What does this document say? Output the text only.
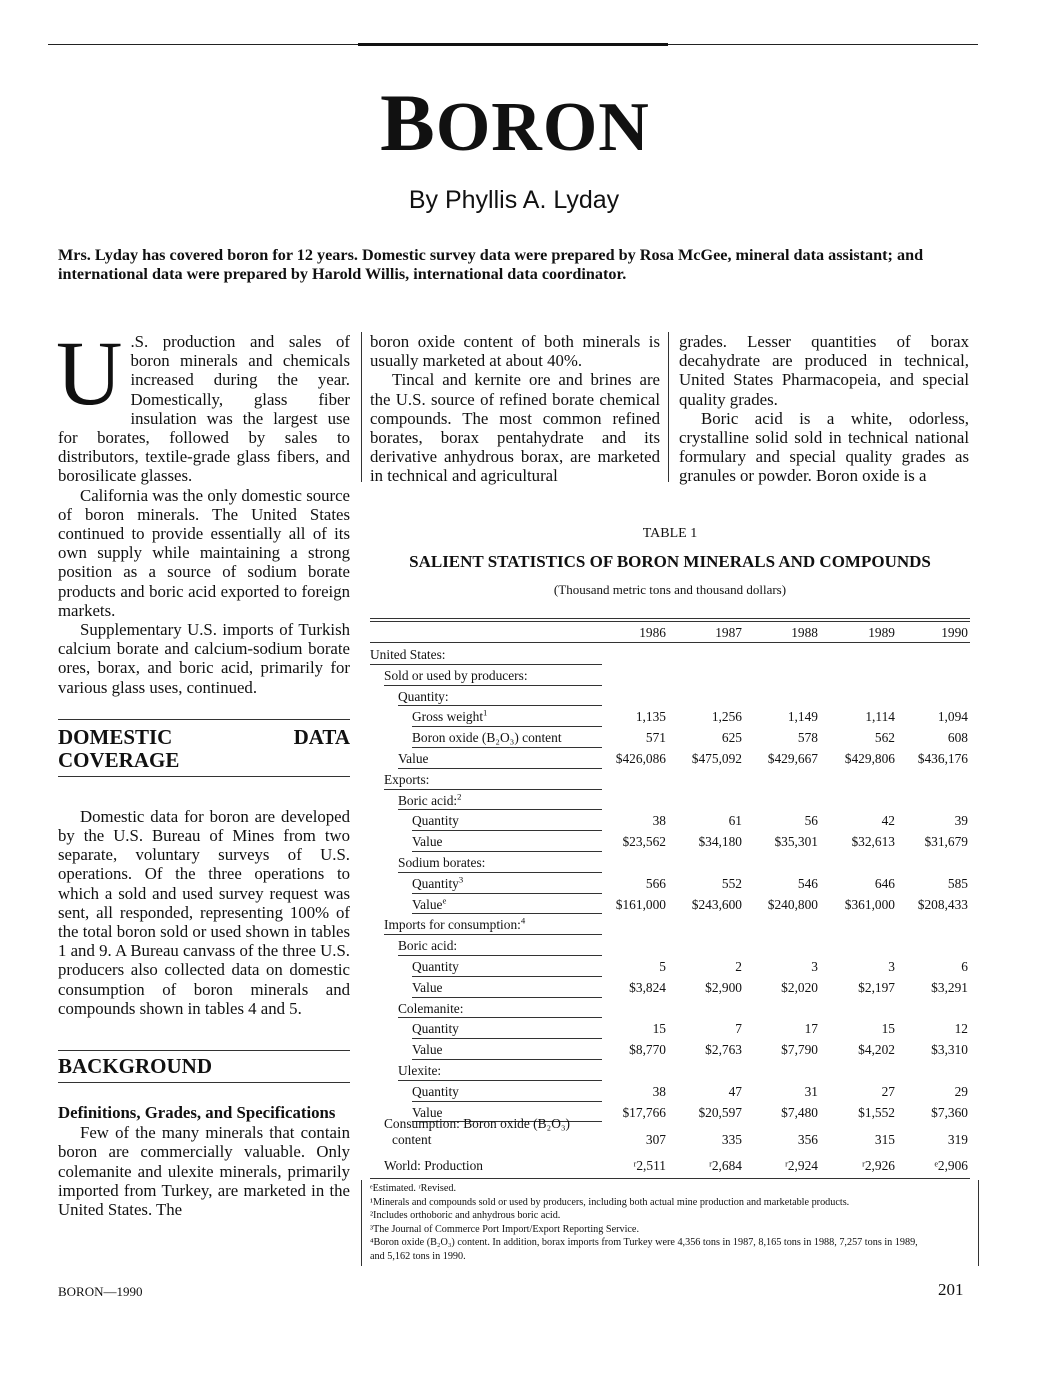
BORON
By Phyllis A. Lyday
Mrs. Lyday has covered boron for 12 years. Domestic survey data were prepared by Rosa McGee, mineral data assistant; and international data were prepared by Harold Willis, international data coordinator.

U .S. production and sales of boron minerals and chemicals increased during the year. Domestically, glass fiber insulation was the largest use for borates, followed by sales to distributors, textile-grade glass fibers, and borosilicate glasses.

California was the only domestic source of boron minerals. The United States continued to provide essentially all of its own supply while maintaining a strong position as a source of sodium borate products and boric acid exported to foreign markets.

Supplementary U.S. imports of Turkish calcium borate and calcium-sodium borate ores, borax, and boric acid, primarily for various glass uses, continued.

DOMESTIC DATA COVERAGE

Domestic data for boron are developed by the U.S. Bureau of Mines from two separate, voluntary surveys of U.S. operations. Of the three operations to which a sold and used survey request was sent, all responded, representing 100% of the total boron sold or used shown in tables 1 and 9. A Bureau canvass of the three U.S. producers also collected data on domestic consumption of boron minerals and compounds shown in tables 4 and 5.

BACKGROUND

Definitions, Grades, and Specifications

Few of the many minerals that contain boron are commercially valuable. Only colemanite and ulexite minerals, primarily imported from Turkey, are marketed in the United States. The

boron oxide content of both minerals is usually marketed at about 40%.

Tincal and kernite ore and brines are the U.S. source of refined borate chemical compounds. The most common refined borates, borax pentahydrate and its derivative anhydrous borax, are marketed in technical and agricultural

grades. Lesser quantities of borax decahydrate are produced in technical, United States Pharmacopeia, and special quality grades.

Boric acid is a white, odorless, crystalline solid sold in technical national formulary and special quality grades as granules or powder. Boron oxide is a

TABLE 1
SALIENT STATISTICS OF BORON MINERALS AND COMPOUNDS
(Thousand metric tons and thousand dollars)
1986	1987	1988	1989	1990
United States:
Sold or used by producers:
Quantity:
Gross weight$^1$	1,135	1,256	1,149	1,114	1,094
Boron oxide (B₂O₃) content	571	625	578	562	608
Value	$426,086	$475,092	$429,667	$429,806	$436,176
Exports:
Boric acid:$^2$
Quantity	38	61	56	42	39
Value	$23,562	$34,180	$35,301	$32,613	$31,679
Sodium borates:
Quantity$^3$	566	552	546	646	585
Value$^e$	$161,000	$243,600	$240,800	$361,000	$208,433
Imports for consumption:$^4$
Boric acid:
Quantity	5	2	3	3	6
Value	$3,824	$2,900	$2,020	$2,197	$3,291
Colemanite:
Quantity	15	7	17	15	12
Value	$8,770	$2,763	$7,790	$4,202	$3,310
Ulexite:
Quantity	38	47	31	27	29
Value	$17,766	$20,597	$7,480	$1,552	$7,360
Consumption: Boron oxide (B₂O₃)
content	307	335	356	315	319
World: Production	ʳ2,511	ʳ2,684	ʳ2,924	ʳ2,926	ᵉ2,906
ᵉEstimated. ʳRevised.
¹Minerals and compounds sold or used by producers, including both actual mine production and marketable products.
²Includes orthoboric and anhydrous boric acid.
³The Journal of Commerce Port Import/Export Reporting Service.
⁴Boron oxide (B₂O₃) content. In addition, borax imports from Turkey were 4,356 tons in 1987, 8,165 tons in 1988, 7,257 tons in 1989,
and 5,162 tons in 1990.
BORON—1990	201
